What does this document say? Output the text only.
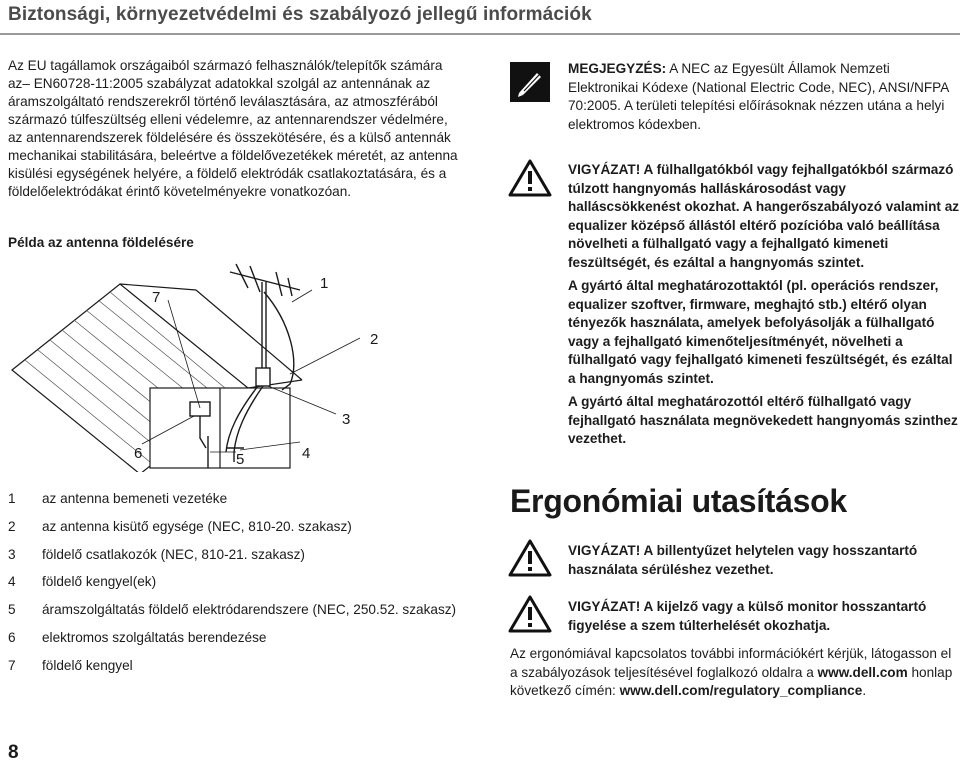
Biztonsági, környezetvédelmi és szabályozó jellegű információk
Az EU tagállamok országaiból származó felhasználók/telepítők számára az– EN60728-11:2005 szabályzat adatokkal szolgál az antennának az áramszolgáltató rendszerekről történő leválasztására, az atmoszférából származó túlfeszültség elleni védelemre, az antennarendszer védelmére, az antennarendszerek földelésére és összekötésére, és a külső antennák mechanikai stabilitására, beleértve a földelővezetékek méretét, az antenna kisülési egységének helyére, a földelő elektródák csatlakoztatására, és a földelőelektródákat érintő követelményekre vonatkozóan.
Példa az antenna földelésére
1
2
3
4
5
6
7
1	az antenna bemeneti vezetéke
2	az antenna kisütő egysége (NEC, 810-20. szakasz)
3	földelő csatlakozók (NEC, 810-21. szakasz)
4	földelő kengyel(ek)
5	áramszolgáltatás földelő elektródarendszere (NEC, 250.52. szakasz)
6	elektromos szolgáltatás berendezése
7	földelő kengyel
8
MEGJEGYZÉS: A NEC az Egyesült Államok Nemzeti Elektronikai Kódexe (National Electric Code, NEC), ANSI/NFPA 70:2005. A területi telepítési előírásoknak nézzen utána a helyi elektromos kódexben.

VIGYÁZAT! A fülhallgatókból vagy fejhallgatókból származó túlzott hangnyomás halláskárosodást vagy halláscsökkenést okozhat. A hangerőszabályozó valamint az equalizer középső állástól eltérő pozícióba való beállítása növelheti a fülhallgató vagy a fejhallgató kimeneti feszültségét, és ezáltal a hangnyomás szintet.

A gyártó által meghatározottaktól (pl. operációs rendszer, equalizer szoftver, firmware, meghajtó stb.) eltérő olyan tényezők használata, amelyek befolyásolják a fülhallgató vagy a fejhallgató kimenőteljesítményét, növelheti a fülhallgató vagy fejhallgató kimeneti feszültségét, és ezáltal a hangnyomás szintet.

A gyártó által meghatározottól eltérő fülhallgató vagy fejhallgató használata megnövekedett hangnyomás szinthez vezethet.

Ergonómiai utasítások
VIGYÁZAT! A billentyűzet helytelen vagy hosszantartó használata sérüléshez vezethet.
VIGYÁZAT! A kijelző vagy a külső monitor hosszantartó figyelése a szem túlterhelését okozhatja.
Az ergonómiával kapcsolatos további információkért kérjük, látogasson el a szabályozások teljesítésével foglalkozó oldalra a www.dell.com honlap következő címén: www.dell.com/regulatory_compliance.
